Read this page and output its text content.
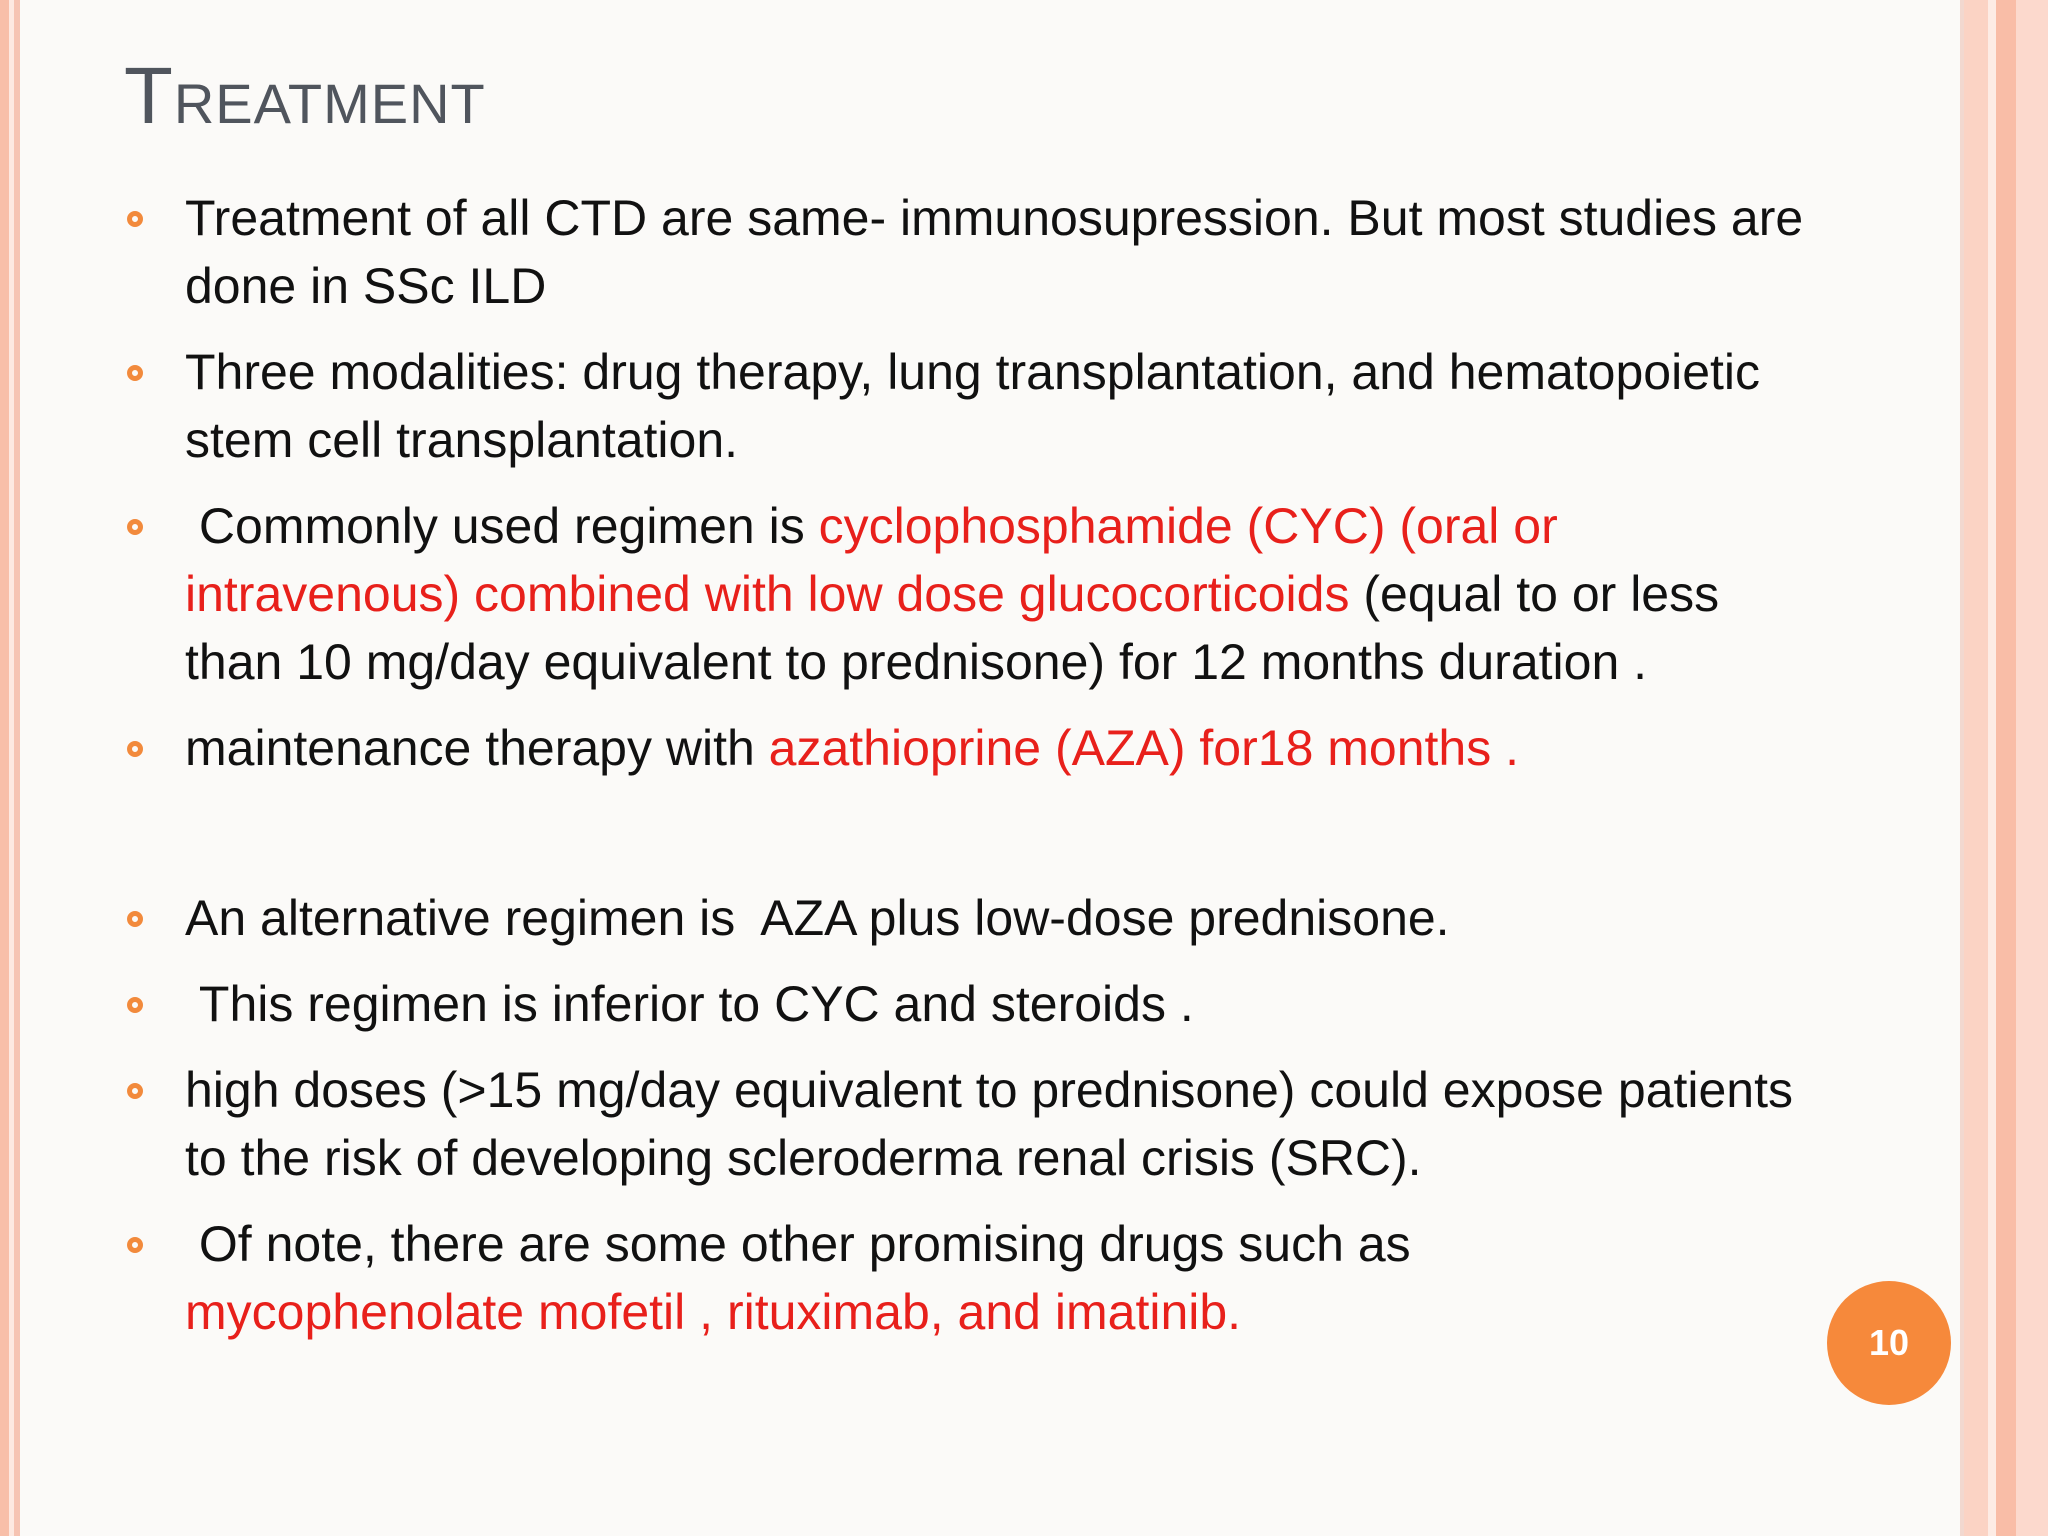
Treatment
Treatment of all CTD are same- immunosupression. But most studies are done in SSc ILD
Three modalities: drug therapy, lung transplantation, and hematopoietic stem cell transplantation.
Commonly used regimen is cyclophosphamide (CYC) (oral or intravenous) combined with low dose glucocorticoids (equal to or less than 10 mg/day equivalent to prednisone) for 12 months duration .
maintenance therapy with azathioprine (AZA) for18 months .
An alternative regimen is  AZA plus low-dose prednisone.
This regimen is inferior to CYC and steroids .
high doses (>15 mg/day equivalent to prednisone) could expose patients to the risk of developing scleroderma renal crisis (SRC).
Of note, there are some other promising drugs such as
mycophenolate mofetil , rituximab, and imatinib.
10
